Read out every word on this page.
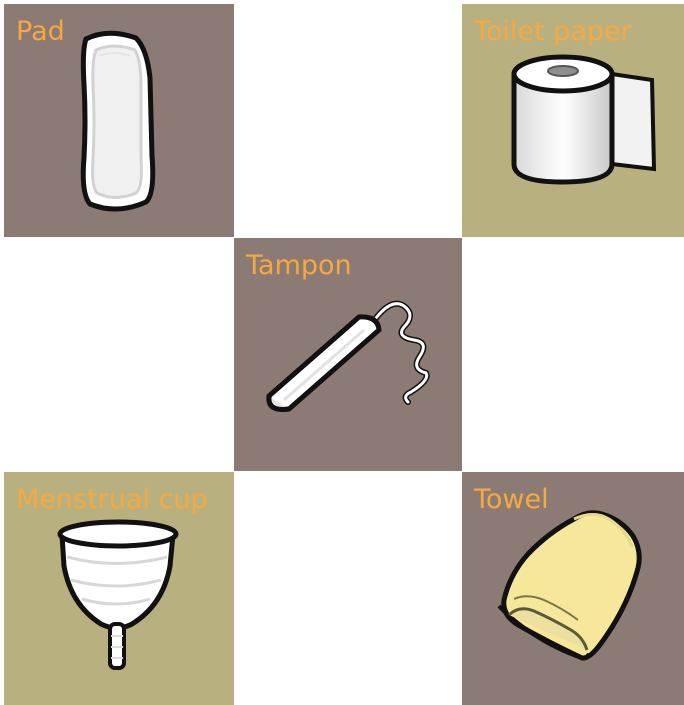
Pad	Toilet paper
Tampon
Menstrual cup	Towel
